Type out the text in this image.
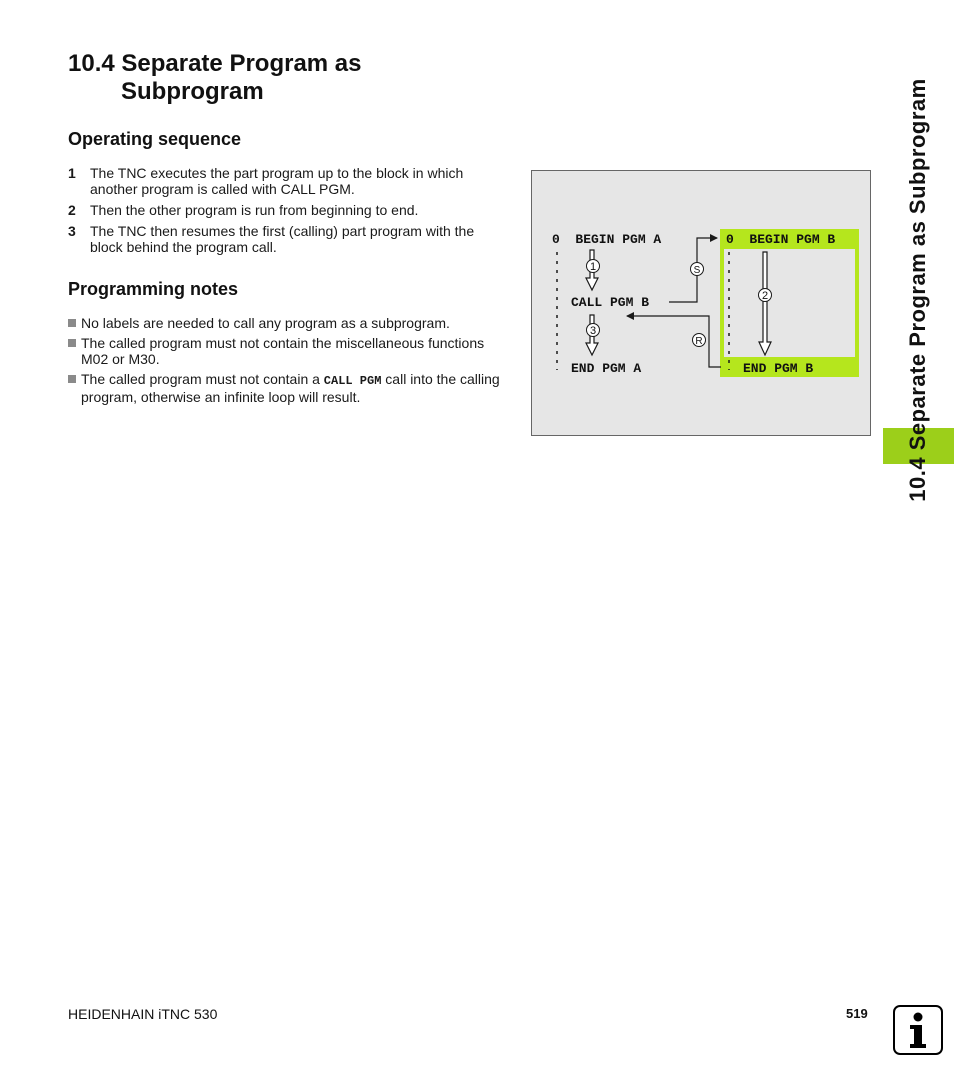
10.4 Separate Program as
Subprogram
Operating sequence
1 The TNC executes the part program up to the block in which another program is called with CALL PGM.
2 Then the other program is run from beginning to end.
3 The TNC then resumes the first (calling) part program with the block behind the program call.
Programming notes
No labels are needed to call any program as a subprogram.
The called program must not contain the miscellaneous functions M02 or M30.
The called program must not contain a CALL PGM call into the calling program, otherwise an infinite loop will result.
0  BEGIN PGM A
CALL PGM B
END PGM A
0  BEGIN PGM B
END PGM B
1
3
2
S
R	10.4 Separate Program as Subprogram
HEIDENHAIN iTNC 530	519
